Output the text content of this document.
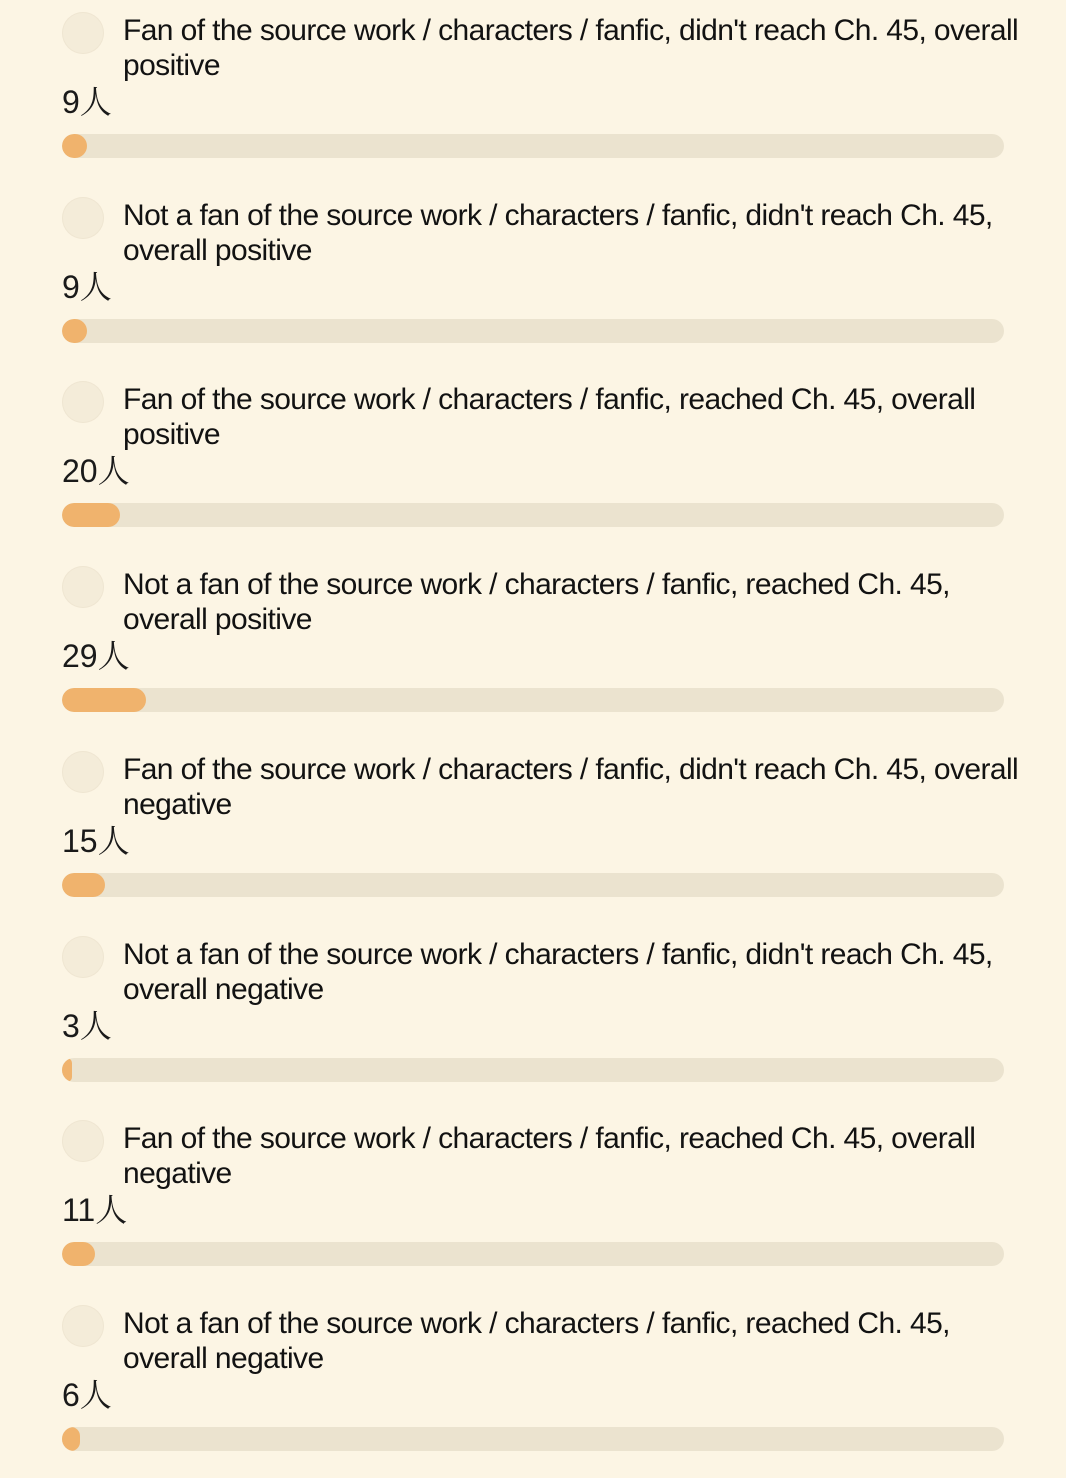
Fan of the source work / characters / fanfic, didn't reach Ch. 45, overall positive
9人
Not a fan of the source work / characters / fanfic, didn't reach Ch. 45, overall positive
9人
Fan of the source work / characters / fanfic, reached Ch. 45, overall positive
20人
Not a fan of the source work / characters / fanfic, reached Ch. 45, overall positive
29人
Fan of the source work / characters / fanfic, didn't reach Ch. 45, overall negative
15人
Not a fan of the source work / characters / fanfic, didn't reach Ch. 45, overall negative
3人
Fan of the source work / characters / fanfic, reached Ch. 45, overall negative
11人
Not a fan of the source work / characters / fanfic, reached Ch. 45, overall negative
6人
